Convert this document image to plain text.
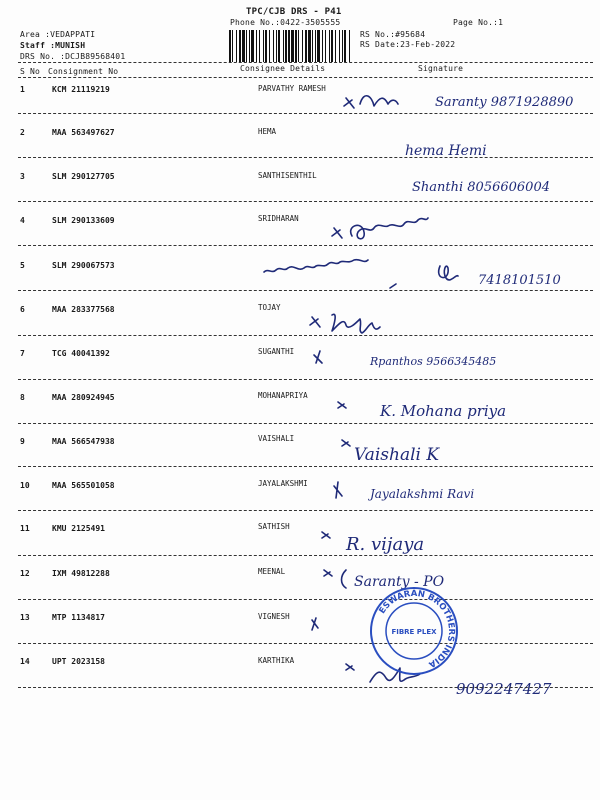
TPC/CJB DRS - P41
Phone No.:0422-3505555	Page No.:1
Area :VEDAPPATI
Staff :MUNISH
DRS No. :DCJB89568401
RS No.:#95684
RS Date:23-Feb-2022
S No Consignment No	Consignee Details	Signature
1	KCM 21119219	PARVATHY RAMESH
Saranty 9871928890
2	MAA 563497627	HEMA
hema Hemi
3	SLM 290127705	SANTHISENTHIL
Shanthi 8056606004
4	SLM 290133609	SRIDHARAN
5	SLM 290067573
7418101510
6	MAA 283377568	TOJAY
7	TCG 40041392	SUGANTHI
Rpanthos 9566345485
8	MAA 280924945	MOHANAPRIYA
K. Mohana priya
9	MAA 566547938	VAISHALI
Vaishali K
10	MAA 565501058	JAYALAKSHMI
Jayalakshmi Ravi
11	KMU 2125491	SATHISH
R. vijaya
12	IXM 49812288	MEENAL
Saranty - PO
13	MTP 1134817	VIGNESH
14	UPT 2023158	KARTHIKA
9092247427
ESWARAN BROTHERS INDIA
FIBRE PLEX
